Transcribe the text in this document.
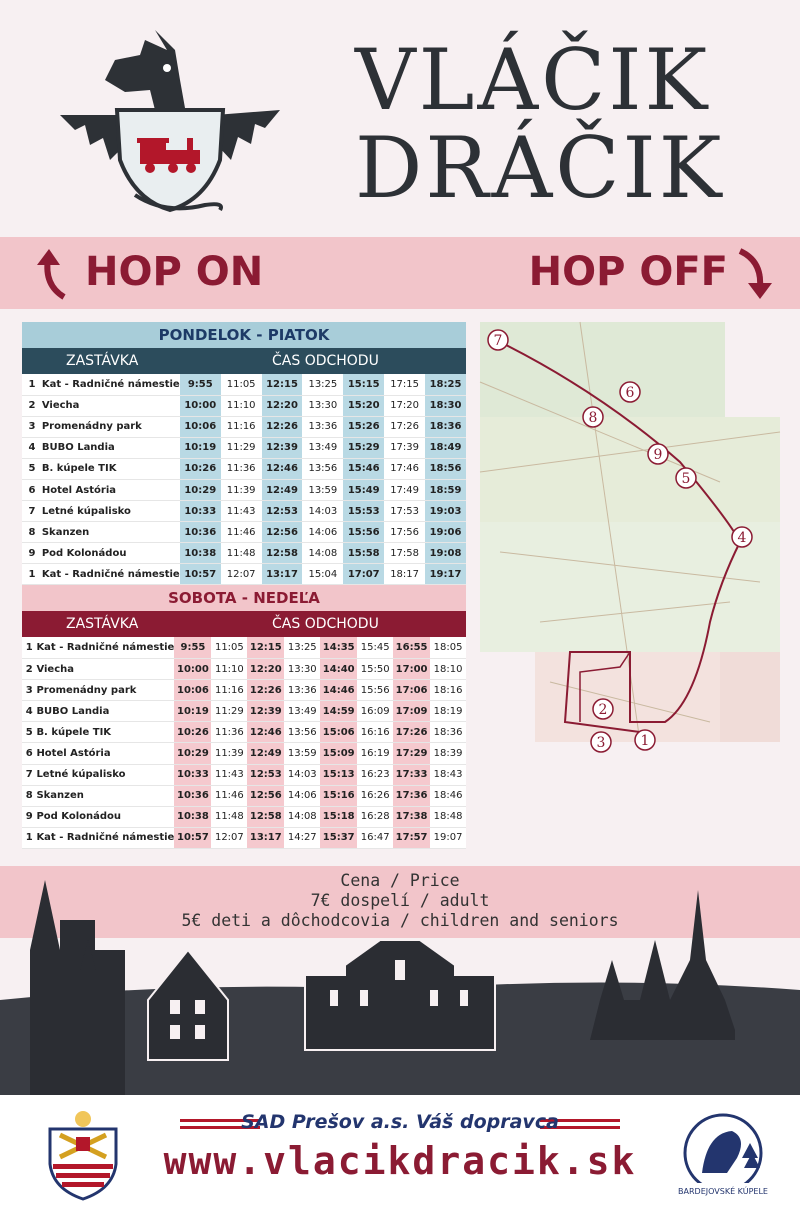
VLÁČIK
DRÁČIK
HOP ON	HOP OFF
PONDELOK - PIATOK
ZASTÁVKA	ČAS ODCHODU
1	Kat - Radničné námestie	9:55	11:05	12:15	13:25	15:15	17:15	18:25
2	Viecha	10:00	11:10	12:20	13:30	15:20	17:20	18:30
3	Promenádny park	10:06	11:16	12:26	13:36	15:26	17:26	18:36
4	BUBO Landia	10:19	11:29	12:39	13:49	15:29	17:39	18:49
5	B. kúpele TIK	10:26	11:36	12:46	13:56	15:46	17:46	18:56
6	Hotel Astória	10:29	11:39	12:49	13:59	15:49	17:49	18:59
7	Letné kúpalisko	10:33	11:43	12:53	14:03	15:53	17:53	19:03
8	Skanzen	10:36	11:46	12:56	14:06	15:56	17:56	19:06
9	Pod Kolonádou	10:38	11:48	12:58	14:08	15:58	17:58	19:08
1	Kat - Radničné námestie	10:57	12:07	13:17	15:04	17:07	18:17	19:17
SOBOTA - NEDEĽA
ZASTÁVKA	ČAS ODCHODU
1	Kat - Radničné námestie	9:55	11:05	12:15	13:25	14:35	15:45	16:55	18:05
2	Viecha	10:00	11:10	12:20	13:30	14:40	15:50	17:00	18:10
3	Promenádny park	10:06	11:16	12:26	13:36	14:46	15:56	17:06	18:16
4	BUBO Landia	10:19	11:29	12:39	13:49	14:59	16:09	17:09	18:19
5	B. kúpele TIK	10:26	11:36	12:46	13:56	15:06	16:16	17:26	18:36
6	Hotel Astória	10:29	11:39	12:49	13:59	15:09	16:19	17:29	18:39
7	Letné kúpalisko	10:33	11:43	12:53	14:03	15:13	16:23	17:33	18:43
8	Skanzen	10:36	11:46	12:56	14:06	15:16	16:26	17:36	18:46
9	Pod Kolonádou	10:38	11:48	12:58	14:08	15:18	16:28	17:38	18:48
1	Kat - Radničné námestie	10:57	12:07	13:17	14:27	15:37	16:47	17:57	19:07
1
2
3
4
5
6
7
8
9
Cena / Price
7€ dospelí / adult
5€ deti a dôchodcovia / children and seniors
SAD Prešov a.s. Váš dopravca
www.vlacikdracik.sk
BARDEJOVSKÉ KÚPELE
